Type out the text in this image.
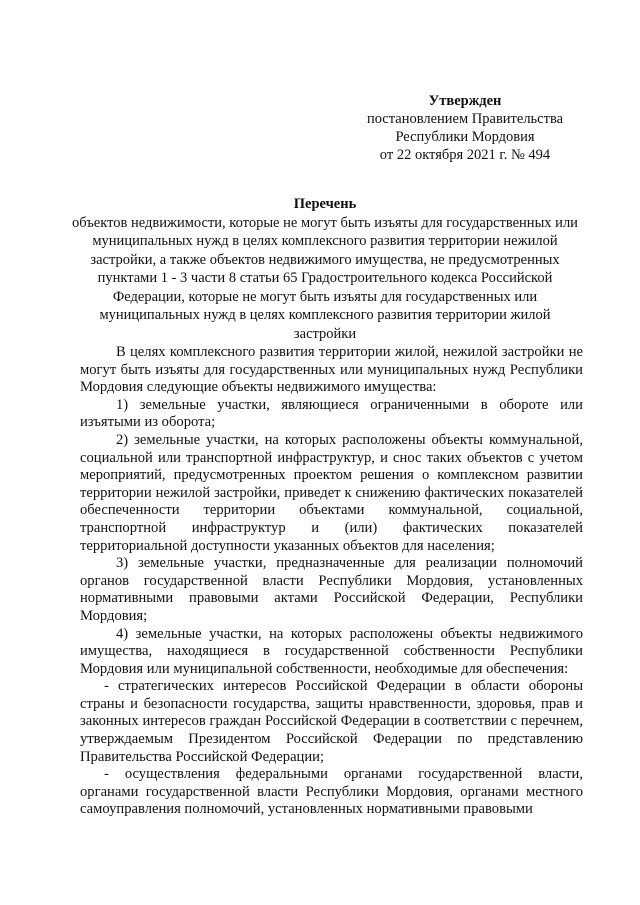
Утвержден
постановлением Правительства
Республики Мордовия
от 22 октября 2021 г. № 494
Перечень
объектов недвижимости, которые не могут быть изъяты для государственных или муниципальных нужд в целях комплексного развития территории нежилой застройки, а также объектов недвижимого имущества, не предусмотренных пунктами 1 - 3 части 8 статьи 65 Градостроительного кодекса Российской Федерации, которые не могут быть изъяты для государственных или муниципальных нужд в целях комплексного развития территории жилой застройки

В целях комплексного развития территории жилой, нежилой застройки не могут быть изъяты для государственных или муниципальных нужд Республики Мордовия следующие объекты недвижимого имущества:

1) земельные участки, являющиеся ограниченными в обороте или изъятыми из оборота;

2) земельные участки, на которых расположены объекты коммунальной, социальной или транспортной инфраструктур, и снос таких объектов с учетом мероприятий, предусмотренных проектом решения о комплексном развитии территории нежилой застройки, приведет к снижению фактических показателей обеспеченности территории объектами коммунальной, социальной, транспортной инфраструктур и (или) фактических показателей территориальной доступности указанных объектов для населения;

3) земельные участки, предназначенные для реализации полномочий органов государственной власти Республики Мордовия, установленных нормативными правовыми актами Российской Федерации, Республики Мордовия;

4) земельные участки, на которых расположены объекты недвижимого имущества, находящиеся в государственной собственности Республики Мордовия или муниципальной собственности, необходимые для обеспечения:

- стратегических интересов Российской Федерации в области обороны страны и безопасности государства, защиты нравственности, здоровья, прав и законных интересов граждан Российской Федерации в соответствии с перечнем, утверждаемым Президентом Российской Федерации по представлению Правительства Российской Федерации;

- осуществления федеральными органами государственной власти, органами государственной власти Республики Мордовия, органами местного самоуправления полномочий, установленных нормативными правовыми
